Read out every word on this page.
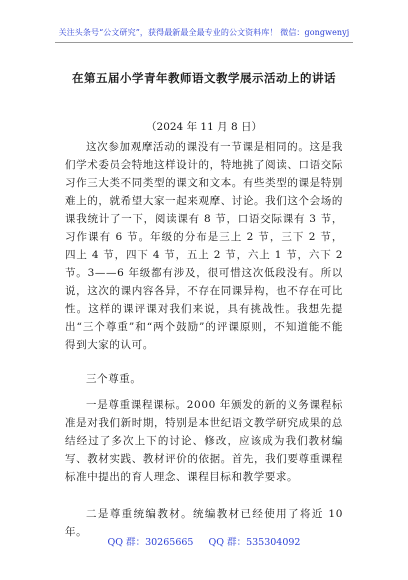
关注头条号“公文研究”，获得最新最全最专业的公文资料库！ 微信：gongwenyj
在第五届小学青年教师语文教学展示活动上的讲话
（2024 年 11 月 8 日）
这次参加观摩活动的课没有一节课是相同的。这是我们学术委员会特地这样设计的，特地挑了阅读、口语交际习作三大类不同类型的课文和文本。有些类型的课是特别难上的，就希望大家一起来观摩、讨论。我们这个会场的课我统计了一下，阅读课有 8 节，口语交际课有 3 节，习作课有 6 节。年级的分布是三上 2 节，三下 2 节，四上 4 节，四下 4 节，五上 2 节，六上 1 节，六下 2 节。3——6 年级都有涉及，很可惜这次低段没有。所以说，这次的课内容各异，不存在同课异构，也不存在可比性。这样的课评课对我们来说，具有挑战性。我想先提出“三个尊重”和“两个鼓励”的评课原则，不知道能不能得到大家的认可。
三个尊重。
一是尊重课程课标。2000 年颁发的新的义务课程标准是对我们新时期，特别是本世纪语文教学研究成果的总结经过了多次上下的讨论、修改，应该成为我们教材编写、教材实践、教材评价的依据。首先，我们要尊重课程标准中提出的育人理念、课程目标和教学要求。
二是尊重统编教材。统编教材已经使用了将近 10 年。
QQ 群：30265665 QQ 群：535304092
